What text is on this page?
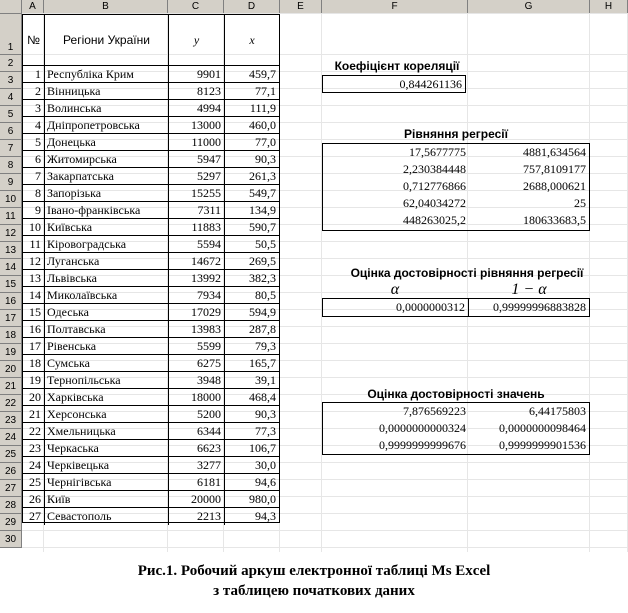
A	B	C	D	E	F	G	H
1
2
3
4
5
6
7
8
9
10
11
12
13
14
15
16
17
18
19
20
21
22
23
24
25
26
27
28
29
30
№	Регіони України	y	x
1 Республіка Крим	9901	459,7
2 Вінницька	8123	77,1
3 Волинська	4994	111,9
4 Дніпропетровська	13000	460,0
5 Донецька	11000	77,0
6 Житомирська	5947	90,3
7 Закарпатська	5297	261,3
8 Запорізька	15255	549,7
9 Івано-франківська	7311	134,9
10 Київська	11883	590,7
11 Кіровоградська	5594	50,5
12 Луганська	14672	269,5
13 Львівська	13992	382,3
14 Миколаївська	7934	80,5
15 Одеська	17029	594,9
16 Полтавська	13983	287,8
17 Рівенська	5599	79,3
18 Сумська	6275	165,7
19 Тернопільська	3948	39,1
20 Харківська	18000	468,4
21 Херсонська	5200	90,3
22 Хмельницька	6344	77,3
23 Черкаська	6623	106,7
24 Черківецька	3277	30,0
25 Чернігівська	6181	94,6
26 Київ	20000	980,0
27 Севастополь	2213	94,3
Коефіцієнт кореляції
0,844261136
Рівняння регресії
17,5677775	4881,634564
2,230384448	757,8109177
0,712776866	2688,000621
62,04034272	25
448263025,2	180633683,5
Оцінка достовірності рівняння регресії
α	1 − α
0,0000000312	0,99999996883828
Оцінка достовірності значень
7,876569223	6,44175803
0,0000000000324	0,0000000098464
0,9999999999676	0,9999999901536
Рис.1. Робочий аркуш електронної таблиці Ms Excel
з таблицею початкових даних
